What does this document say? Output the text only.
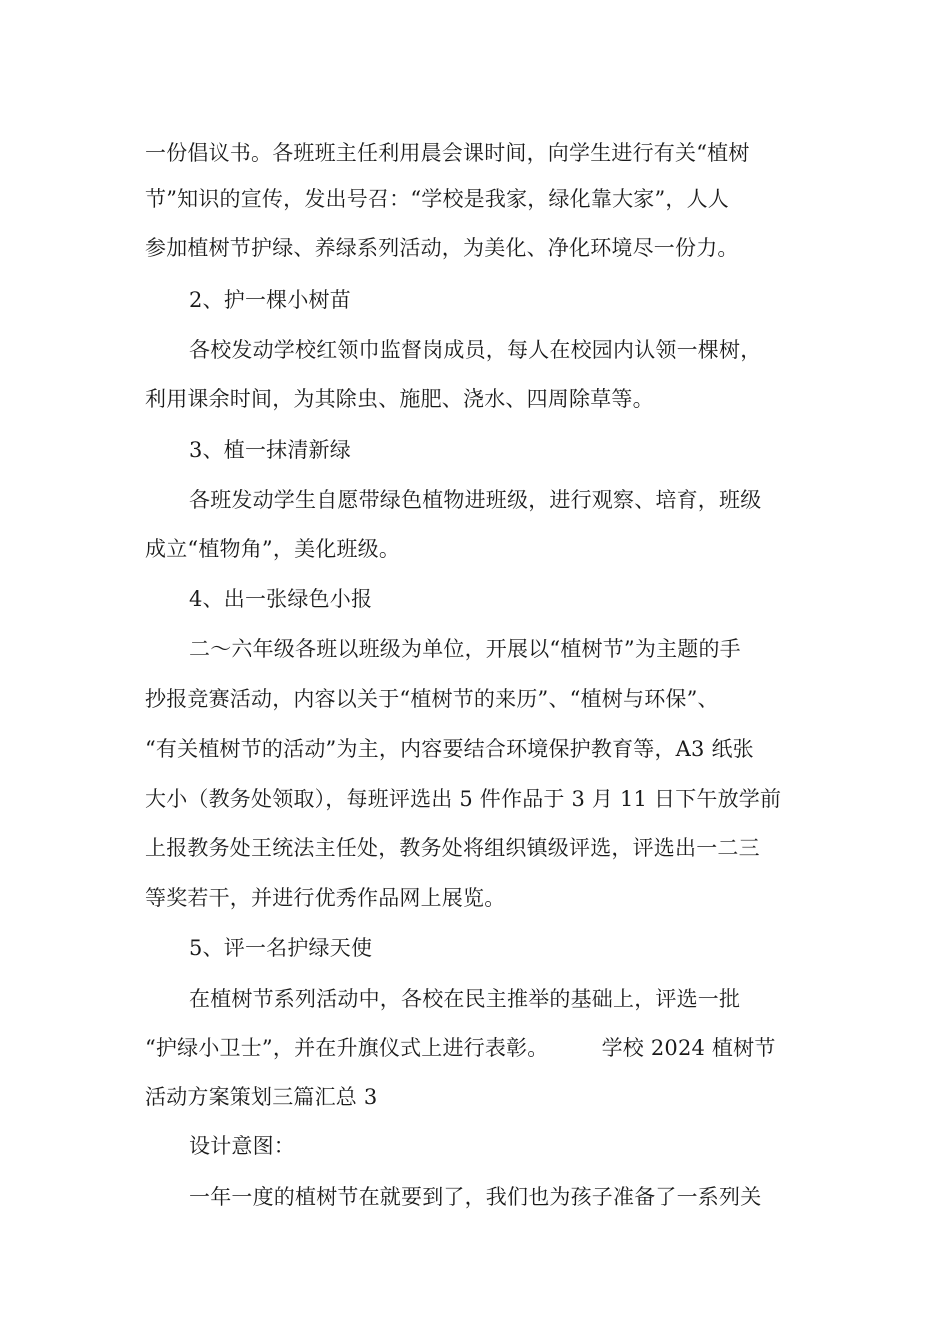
一份倡议书。各班班主任利用晨会课时间，向学生进行有关“植树

节”知识的宣传，发出号召：“学校是我家，绿化靠大家”，人人

参加植树节护绿、养绿系列活动，为美化、净化环境尽一份力。

2、护一棵小树苗

各校发动学校红领巾监督岗成员，每人在校园内认领一棵树，

利用课余时间，为其除虫、施肥、浇水、四周除草等。

3、植一抹清新绿

各班发动学生自愿带绿色植物进班级，进行观察、培育，班级

成立“植物角”，美化班级。

4、出一张绿色小报

二～六年级各班以班级为单位，开展以“植树节”为主题的手

抄报竞赛活动，内容以关于“植树节的来历”、“植树与环保”、

“有关植树节的活动”为主，内容要结合环境保护教育等，A3 纸张

大小（教务处领取），每班评选出 5 件作品于 3 月 11 日下午放学前

上报教务处王统法主任处，教务处将组织镇级评选，评选出一二三

等奖若干，并进行优秀作品网上展览。

5、评一名护绿天使

在植树节系列活动中，各校在民主推举的基础上，评选一批

“护绿小卫士”，并在升旗仪式上进行表彰。　　　学校 2024 植树节

活动方案策划三篇汇总 3

设计意图：

一年一度的植树节在就要到了，我们也为孩子准备了一系列关
